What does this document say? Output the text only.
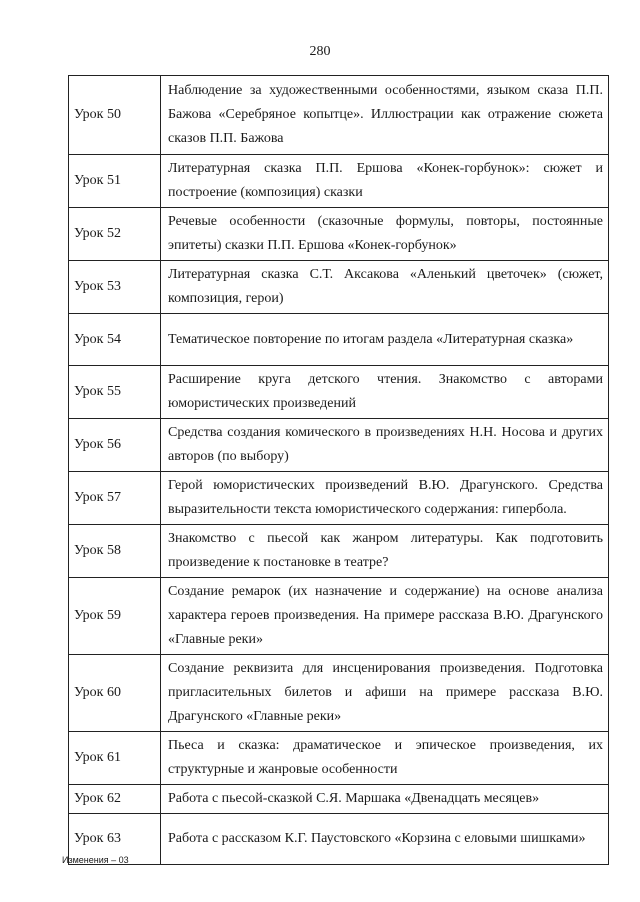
280
Урок 50	Наблюдение за художественными особенностями, языком сказа П.П. Бажова «Серебряное копытце». Иллюстрации как отражение сюжета сказов П.П. Бажова
Урок 51	Литературная сказка П.П. Ершова «Конек-горбунок»: сюжет и построение (композиция) сказки
Урок 52	Речевые особенности (сказочные формулы, повторы, постоянные эпитеты) сказки П.П. Ершова «Конек-горбунок»
Урок 53	Литературная сказка С.Т. Аксакова «Аленький цветочек» (сюжет, композиция, герои)
Урок 54	Тематическое повторение по итогам раздела «Литературная сказка»
Урок 55	Расширение круга детского чтения. Знакомство с авторами юмористических произведений
Урок 56	Средства создания комического в произведениях Н.Н. Носова и других авторов (по выбору)
Урок 57	Герой юмористических произведений В.Ю. Драгунского. Средства выразительности текста юмористического содержания: гипербола.
Урок 58	Знакомство с пьесой как жанром литературы. Как подготовить произведение к постановке в театре?
Урок 59	Создание ремарок (их назначение и содержание) на основе анализа характера героев произведения. На примере рассказа В.Ю. Драгунского «Главные реки»
Урок 60	Создание реквизита для инсценирования произведения. Подготовка пригласительных билетов и афиши на примере рассказа В.Ю. Драгунского «Главные реки»
Урок 61	Пьеса и сказка: драматическое и эпическое произведения, их структурные и жанровые особенности
Урок 62	Работа с пьесой-сказкой С.Я. Маршака «Двенадцать месяцев»
Урок 63	Работа с рассказом К.Г. Паустовского «Корзина с еловыми шишками»
Изменения – 03
